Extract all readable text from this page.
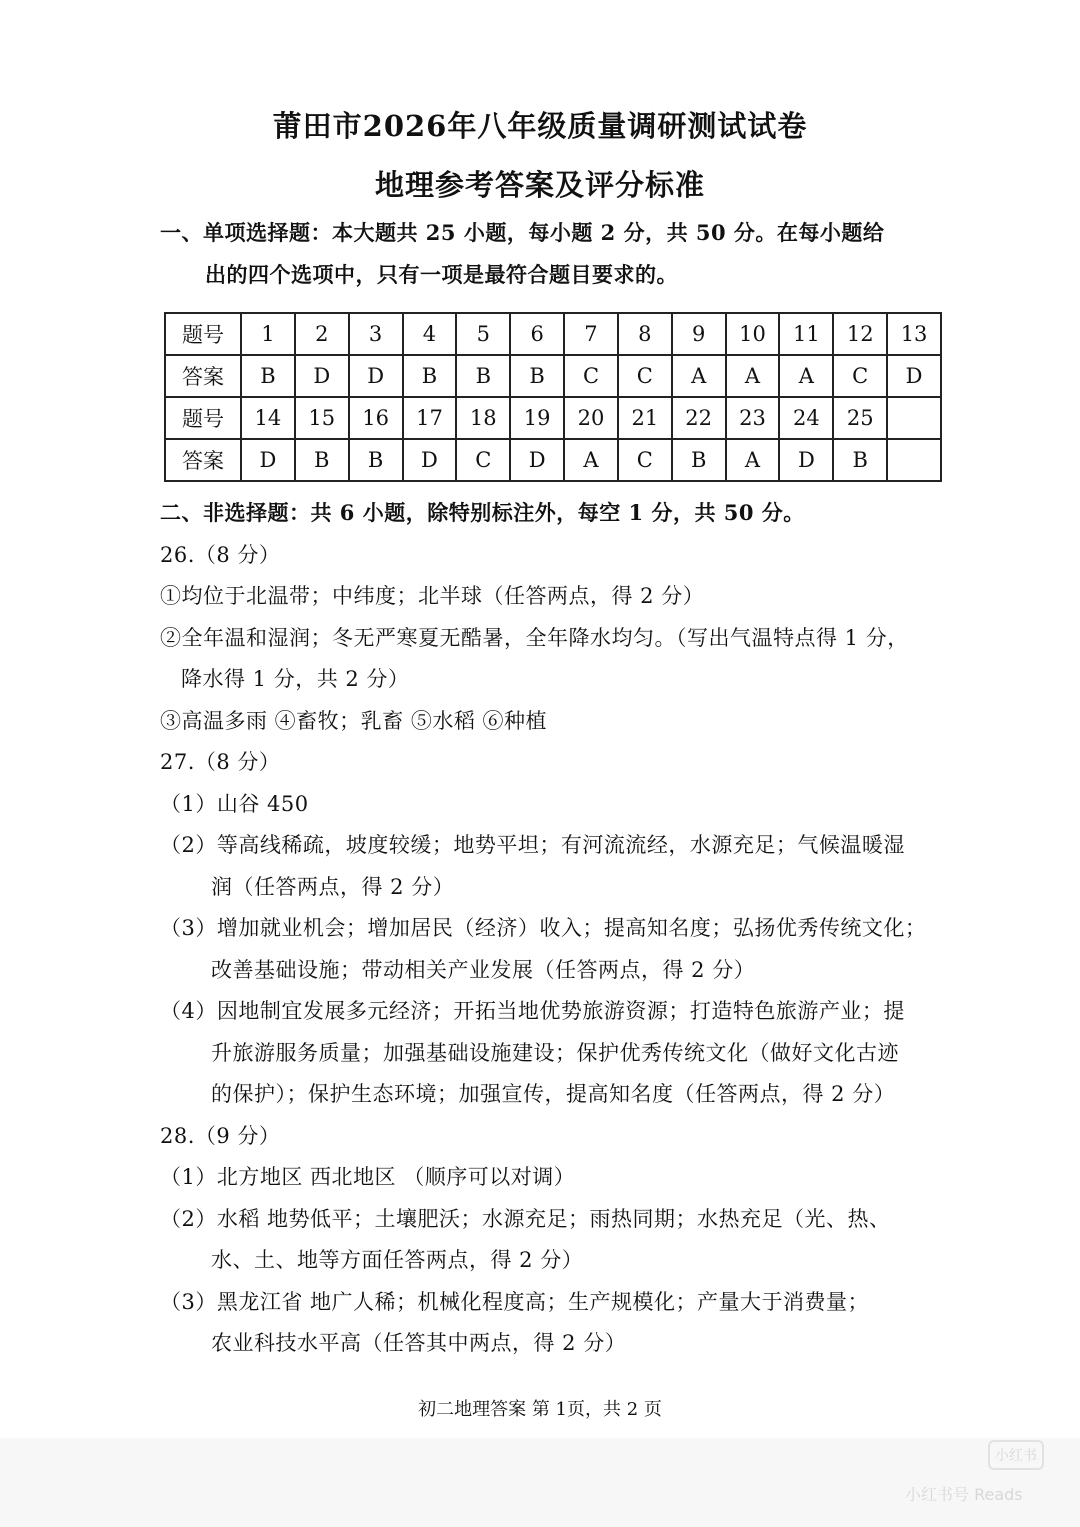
莆田市2026年八年级质量调研测试试卷
地理参考答案及评分标准
一、单项选择题：本大题共 25 小题，每小题 2 分，共 50 分。在每小题给
出的四个选项中，只有一项是最符合题目要求的。
题号	1	2	3	4	5	6	7	8	9	10	11	12	13
答案	B	D	D	B	B	B	C	C	A	A	A	C	D
题号	14	15	16	17	18	19	20	21	22	23	24	25	
答案	D	B	B	D	C	D	A	C	B	A	D	B	
二、非选择题：共 6 小题，除特别标注外，每空 1 分，共 50 分。
26.（8 分）
①均位于北温带；中纬度；北半球（任答两点，得 2 分）
②全年温和湿润；冬无严寒夏无酷暑，全年降水均匀。（写出气温特点得 1 分，
降水得 1 分，共 2 分）
③高温多雨 ④畜牧；乳畜 ⑤水稻 ⑥种植
27.（8 分）
（1）山谷 450
（2）等高线稀疏，坡度较缓；地势平坦；有河流流经，水源充足；气候温暖湿
润（任答两点，得 2 分）
（3）增加就业机会；增加居民（经济）收入；提高知名度；弘扬优秀传统文化；
改善基础设施；带动相关产业发展（任答两点，得 2 分）
（4）因地制宜发展多元经济；开拓当地优势旅游资源；打造特色旅游产业；提
升旅游服务质量；加强基础设施建设；保护优秀传统文化（做好文化古迹
的保护）；保护生态环境；加强宣传，提高知名度（任答两点，得 2 分）
28.（9 分）
（1）北方地区 西北地区 （顺序可以对调）
（2）水稻 地势低平；土壤肥沃；水源充足；雨热同期；水热充足（光、热、
水、土、地等方面任答两点，得 2 分）
（3）黑龙江省 地广人稀；机械化程度高；生产规模化；产量大于消费量；
农业科技水平高（任答其中两点，得 2 分）
初二地理答案 第 1页，共 2 页
小红书
小红书号 Reads
